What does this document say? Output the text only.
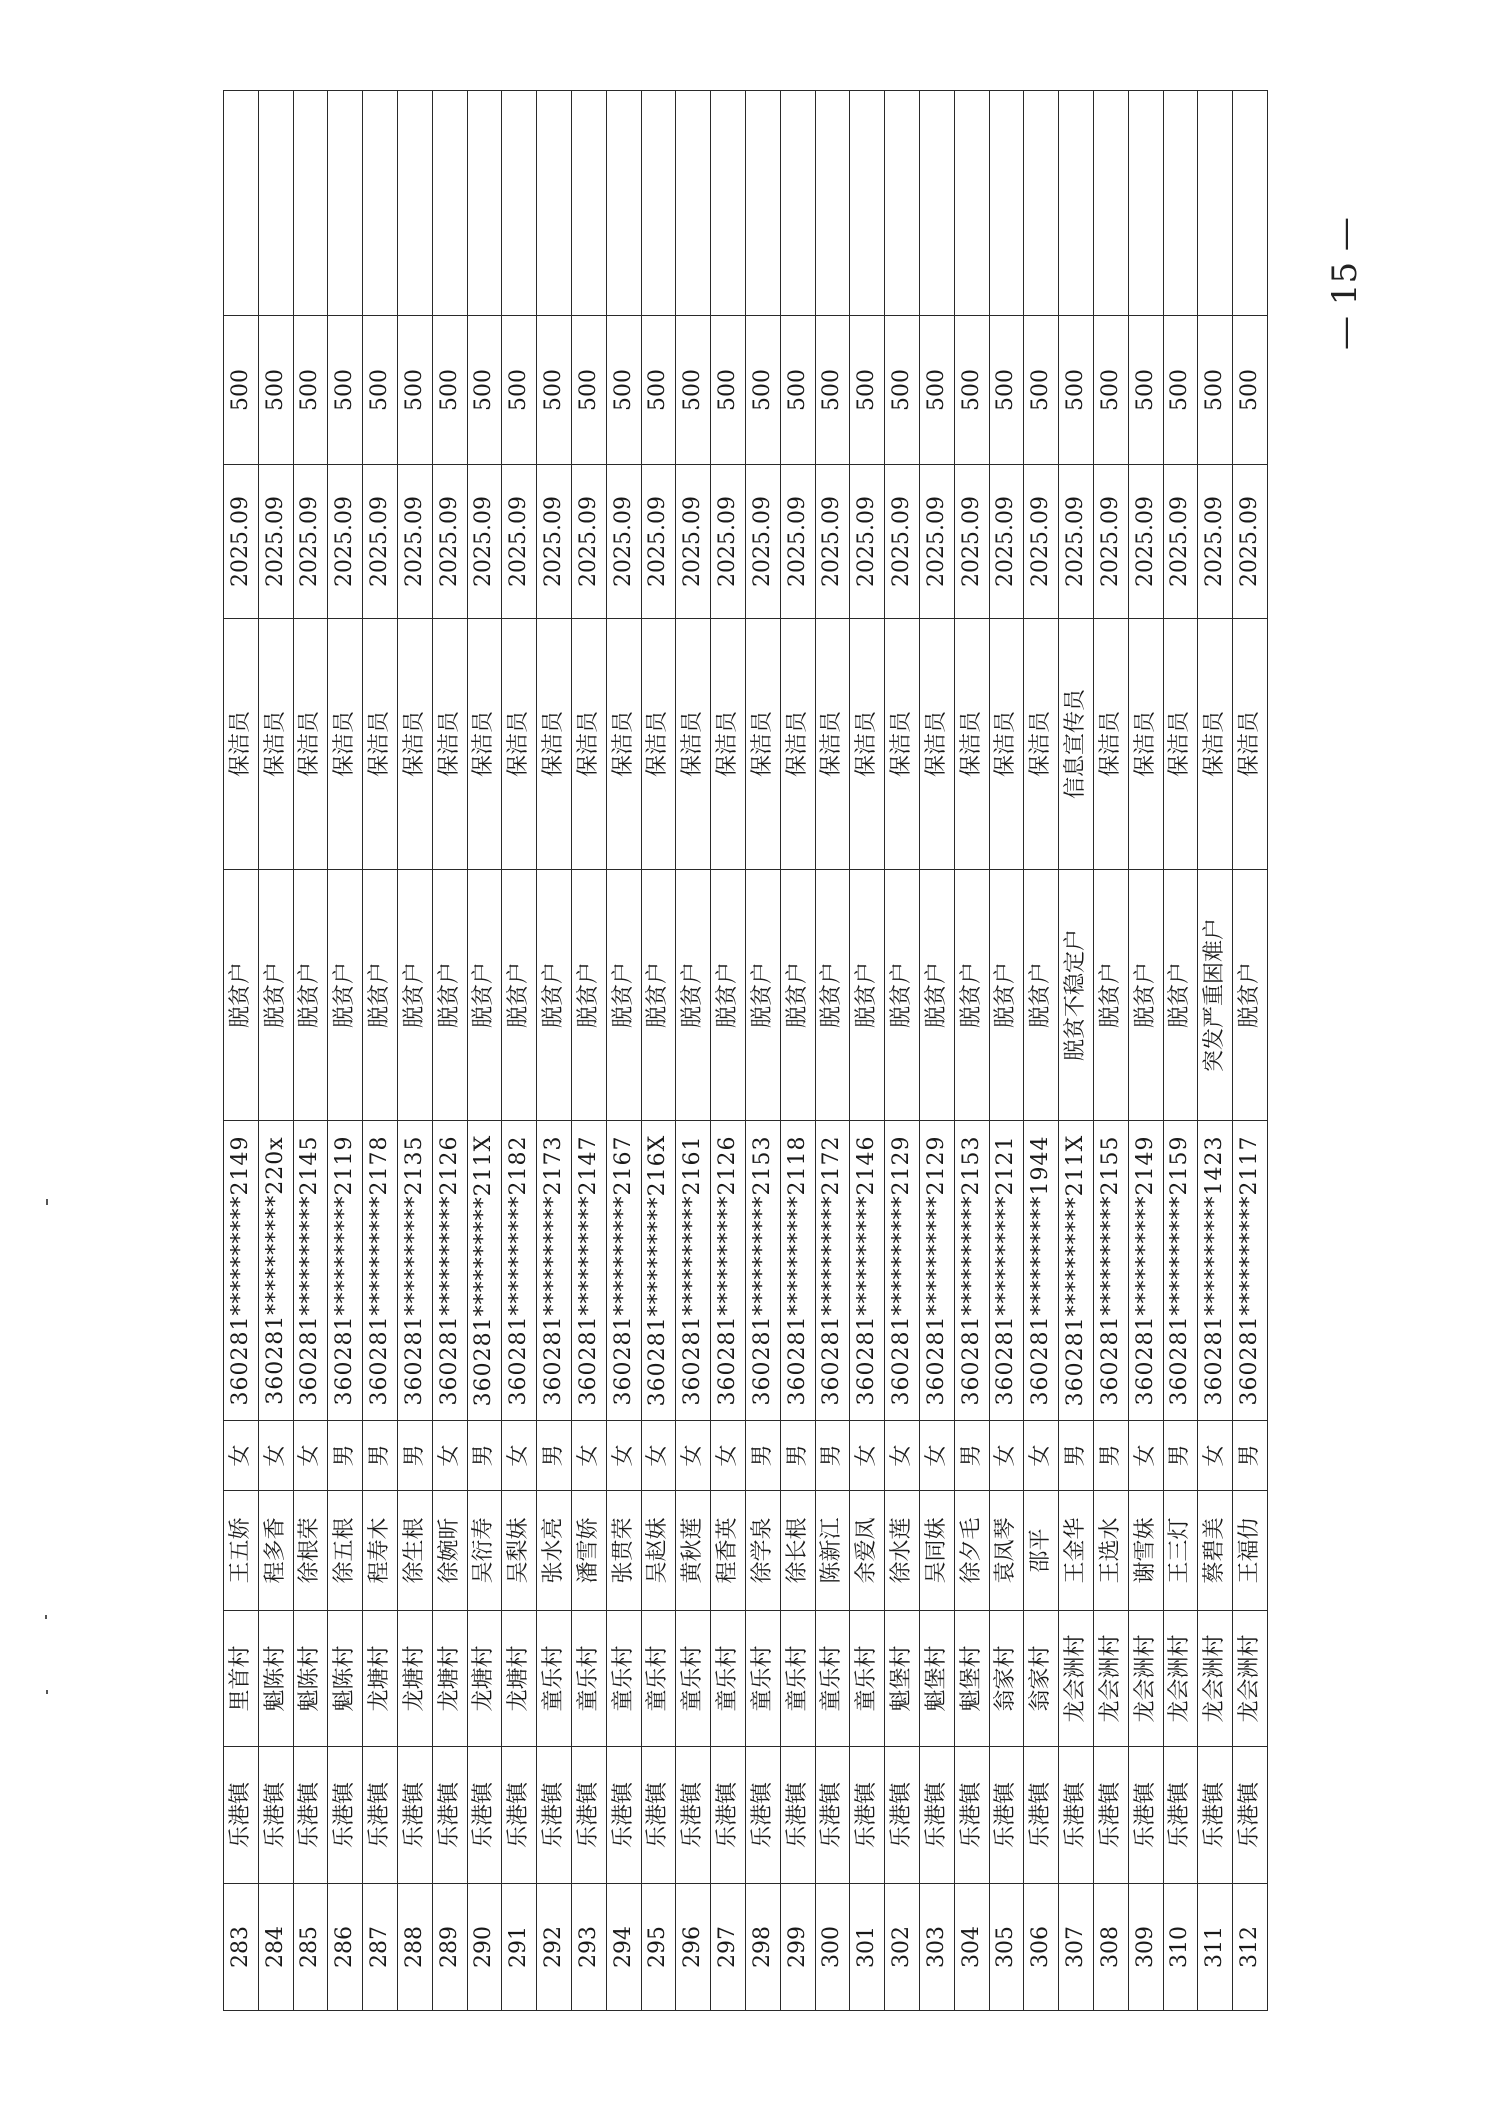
283	乐港镇	里首村	王五娇	女	360281**********2149	脱贫户	保洁员	2025.09	500	
284	乐港镇	魁陈村	程多香	女	360281**********220x	脱贫户	保洁员	2025.09	500	
285	乐港镇	魁陈村	徐根荣	女	360281**********2145	脱贫户	保洁员	2025.09	500	
286	乐港镇	魁陈村	徐五根	男	360281**********2119	脱贫户	保洁员	2025.09	500	
287	乐港镇	龙塘村	程寿木	男	360281**********2178	脱贫户	保洁员	2025.09	500	
288	乐港镇	龙塘村	徐生根	男	360281**********2135	脱贫户	保洁员	2025.09	500	
289	乐港镇	龙塘村	徐婉昕	女	360281**********2126	脱贫户	保洁员	2025.09	500	
290	乐港镇	龙塘村	吴衍寿	男	360281**********211X	脱贫户	保洁员	2025.09	500	
291	乐港镇	龙塘村	吴梨妹	女	360281**********2182	脱贫户	保洁员	2025.09	500	
292	乐港镇	童乐村	张水亮	男	360281**********2173	脱贫户	保洁员	2025.09	500	
293	乐港镇	童乐村	潘雪娇	女	360281**********2147	脱贫户	保洁员	2025.09	500	
294	乐港镇	童乐村	张贯荣	女	360281**********2167	脱贫户	保洁员	2025.09	500	
295	乐港镇	童乐村	吴赵妹	女	360281**********216X	脱贫户	保洁员	2025.09	500	
296	乐港镇	童乐村	黄秋莲	女	360281**********2161	脱贫户	保洁员	2025.09	500	
297	乐港镇	童乐村	程香英	女	360281**********2126	脱贫户	保洁员	2025.09	500	
298	乐港镇	童乐村	徐学泉	男	360281**********2153	脱贫户	保洁员	2025.09	500	
299	乐港镇	童乐村	徐长根	男	360281**********2118	脱贫户	保洁员	2025.09	500	
300	乐港镇	童乐村	陈新江	男	360281**********2172	脱贫户	保洁员	2025.09	500	
301	乐港镇	童乐村	余爱凤	女	360281**********2146	脱贫户	保洁员	2025.09	500	
302	乐港镇	魁堡村	徐水莲	女	360281**********2129	脱贫户	保洁员	2025.09	500	
303	乐港镇	魁堡村	吴同妹	女	360281**********2129	脱贫户	保洁员	2025.09	500	
304	乐港镇	魁堡村	徐夕毛	男	360281**********2153	脱贫户	保洁员	2025.09	500	
305	乐港镇	翁家村	袁凤琴	女	360281**********2121	脱贫户	保洁员	2025.09	500	
306	乐港镇	翁家村	邵平	女	360281**********1944	脱贫户	保洁员	2025.09	500	
307	乐港镇	龙会洲村	王金华	男	360281**********211X	脱贫不稳定户	信息宣传员	2025.09	500	
308	乐港镇	龙会洲村	王选水	男	360281**********2155	脱贫户	保洁员	2025.09	500	
309	乐港镇	龙会洲村	谢雪妹	女	360281**********2149	脱贫户	保洁员	2025.09	500	
310	乐港镇	龙会洲村	王三灯	男	360281**********2159	脱贫户	保洁员	2025.09	500	
311	乐港镇	龙会洲村	蔡碧美	女	360281**********1423	突发严重困难户	保洁员	2025.09	500	
312	乐港镇	龙会洲村	王福仂	男	360281**********2117	脱贫户	保洁员	2025.09	500	
— 15 —
